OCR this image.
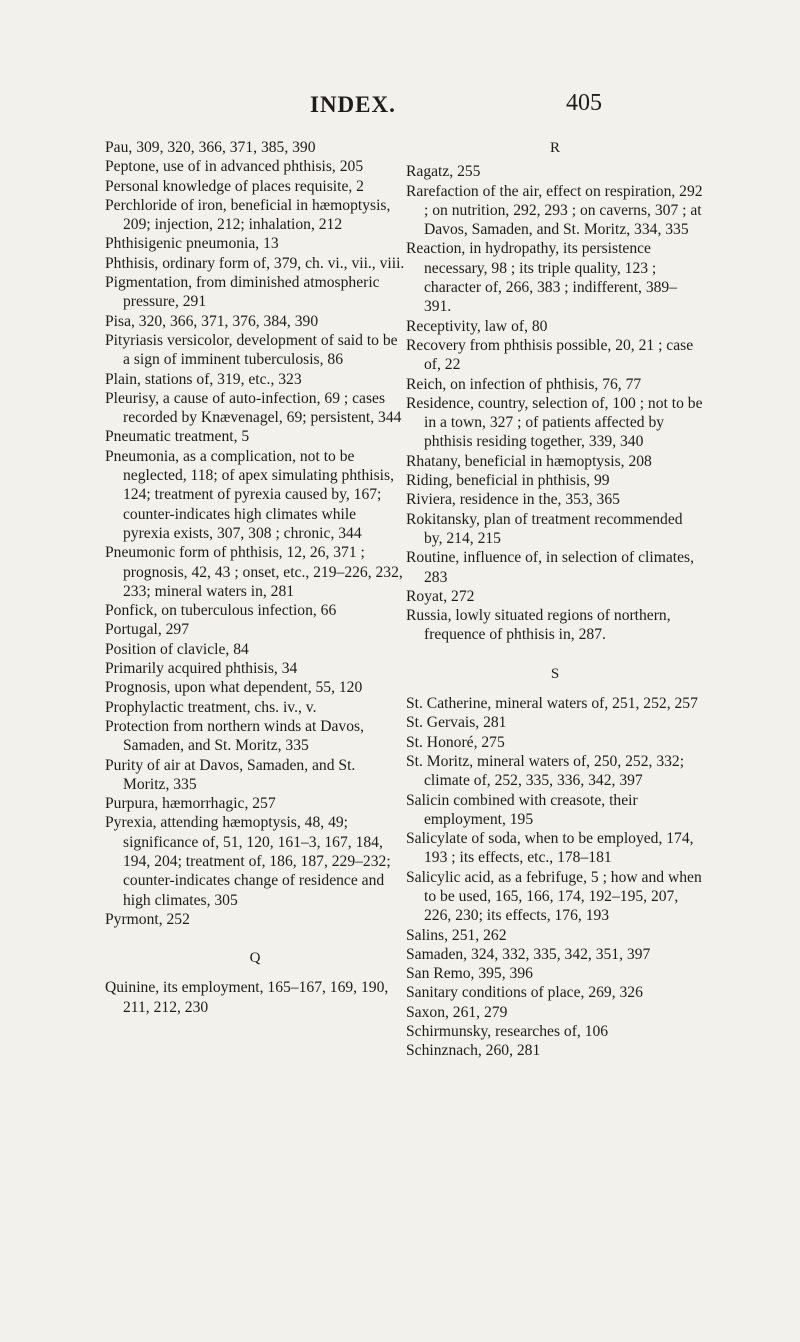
INDEX.	405

Pau, 309, 320, 366, 371, 385, 390

Peptone, use of in advanced phthisis, 205

Personal knowledge of places requisite, 2

Perchloride of iron, beneficial in hæmoptysis, 209; injection, 212; inhalation, 212

Phthisigenic pneumonia, 13

Phthisis, ordinary form of, 379, ch. vi., vii., viii.

Pigmentation, from diminished atmospheric pressure, 291

Pisa, 320, 366, 371, 376, 384, 390

Pityriasis versicolor, development of said to be a sign of imminent tuberculosis, 86

Plain, stations of, 319, etc., 323

Pleurisy, a cause of auto-infection, 69 ; cases recorded by Knævenagel, 69; persistent, 344

Pneumatic treatment, 5

Pneumonia, as a complication, not to be neglected, 118; of apex simulating phthisis, 124; treatment of pyrexia caused by, 167; counter-indicates high climates while pyrexia exists, 307, 308 ; chronic, 344

Pneumonic form of phthisis, 12, 26, 371 ; prognosis, 42, 43 ; onset, etc., 219–226, 232, 233; mineral waters in, 281

Ponfick, on tuberculous infection, 66

Portugal, 297

Position of clavicle, 84

Primarily acquired phthisis, 34

Prognosis, upon what dependent, 55, 120

Prophylactic treatment, chs. iv., v.

Protection from northern winds at Davos, Samaden, and St. Moritz, 335

Purity of air at Davos, Samaden, and St. Moritz, 335

Purpura, hæmorrhagic, 257

Pyrexia, attending hæmoptysis, 48, 49; significance of, 51, 120, 161–3, 167, 184, 194, 204; treatment of, 186, 187, 229–232; counter-indicates change of residence and high climates, 305

Pyrmont, 252

Q

Quinine, its employment, 165–167, 169, 190, 211, 212, 230

R

Ragatz, 255

Rarefaction of the air, effect on respiration, 292 ; on nutrition, 292, 293 ; on caverns, 307 ; at Davos, Samaden, and St. Moritz, 334, 335

Reaction, in hydropathy, its persistence necessary, 98 ; its triple quality, 123 ; character of, 266, 383 ; indifferent, 389–391.

Receptivity, law of, 80

Recovery from phthisis possible, 20, 21 ; case of, 22

Reich, on infection of phthisis, 76, 77

Residence, country, selection of, 100 ; not to be in a town, 327 ; of patients affected by phthisis residing together, 339, 340

Rhatany, beneficial in hæmoptysis, 208

Riding, beneficial in phthisis, 99

Riviera, residence in the, 353, 365

Rokitansky, plan of treatment recommended by, 214, 215

Routine, influence of, in selection of climates, 283

Royat, 272

Russia, lowly situated regions of northern, frequence of phthisis in, 287.

S

St. Catherine, mineral waters of, 251, 252, 257

St. Gervais, 281

St. Honoré, 275

St. Moritz, mineral waters of, 250, 252, 332; climate of, 252, 335, 336, 342, 397

Salicin combined with creasote, their employment, 195

Salicylate of soda, when to be employed, 174, 193 ; its effects, etc., 178–181

Salicylic acid, as a febrifuge, 5 ; how and when to be used, 165, 166, 174, 192–195, 207, 226, 230; its effects, 176, 193

Salins, 251, 262

Samaden, 324, 332, 335, 342, 351, 397

San Remo, 395, 396

Sanitary conditions of place, 269, 326

Saxon, 261, 279

Schirmunsky, researches of, 106

Schinznach, 260, 281
